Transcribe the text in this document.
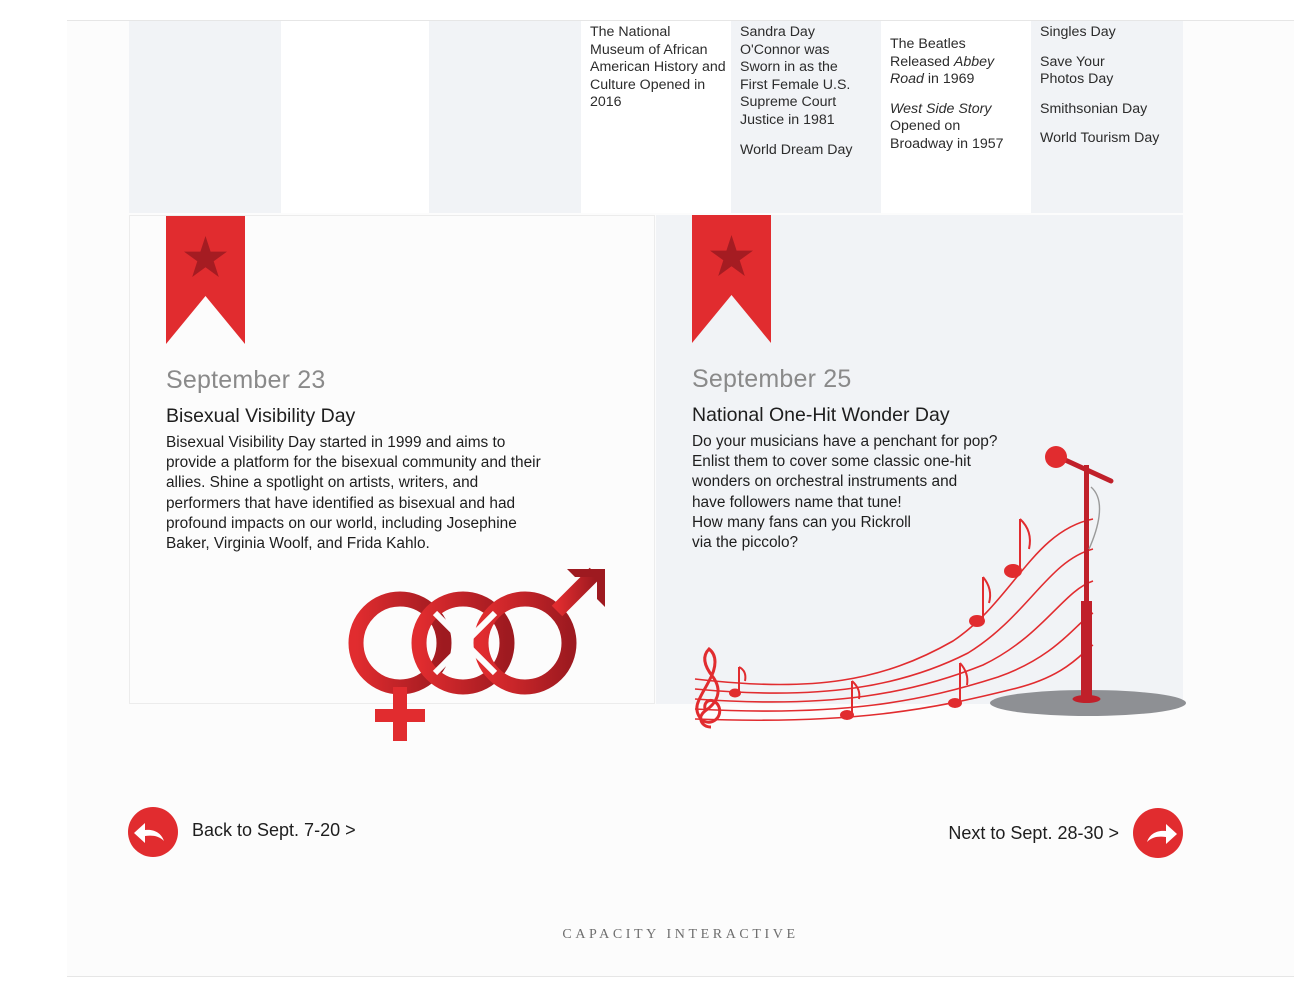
The National Museum of African American History and Culture Opened in 2016
Sandra Day O'Connor was Sworn in as the First Female U.S. Supreme Court Justice in 1981
World Dream Day
The Beatles Released Abbey Road in 1969
West Side Story Opened on Broadway in 1957
Singles Day
Save Your Photos Day
Smithsonian Day
World Tourism Day
September 23
Bisexual Visibility Day
Bisexual Visibility Day started in 1999 and aims to provide a platform for the bisexual community and their allies. Shine a spotlight on artists, writers, and performers that have identified as bisexual and had profound impacts on our world, including Josephine Baker, Virginia Woolf, and Frida Kahlo.
September 25
National One-Hit Wonder Day
Do your musicians have a penchant for pop?
Enlist them to cover some classic one-hit
wonders on orchestral instruments and
have followers name that tune!
How many fans can you Rickroll
via the piccolo?
Back to Sept. 7-20 >	Next to Sept. 28-30 >
CAPACITY INTERACTIVE
